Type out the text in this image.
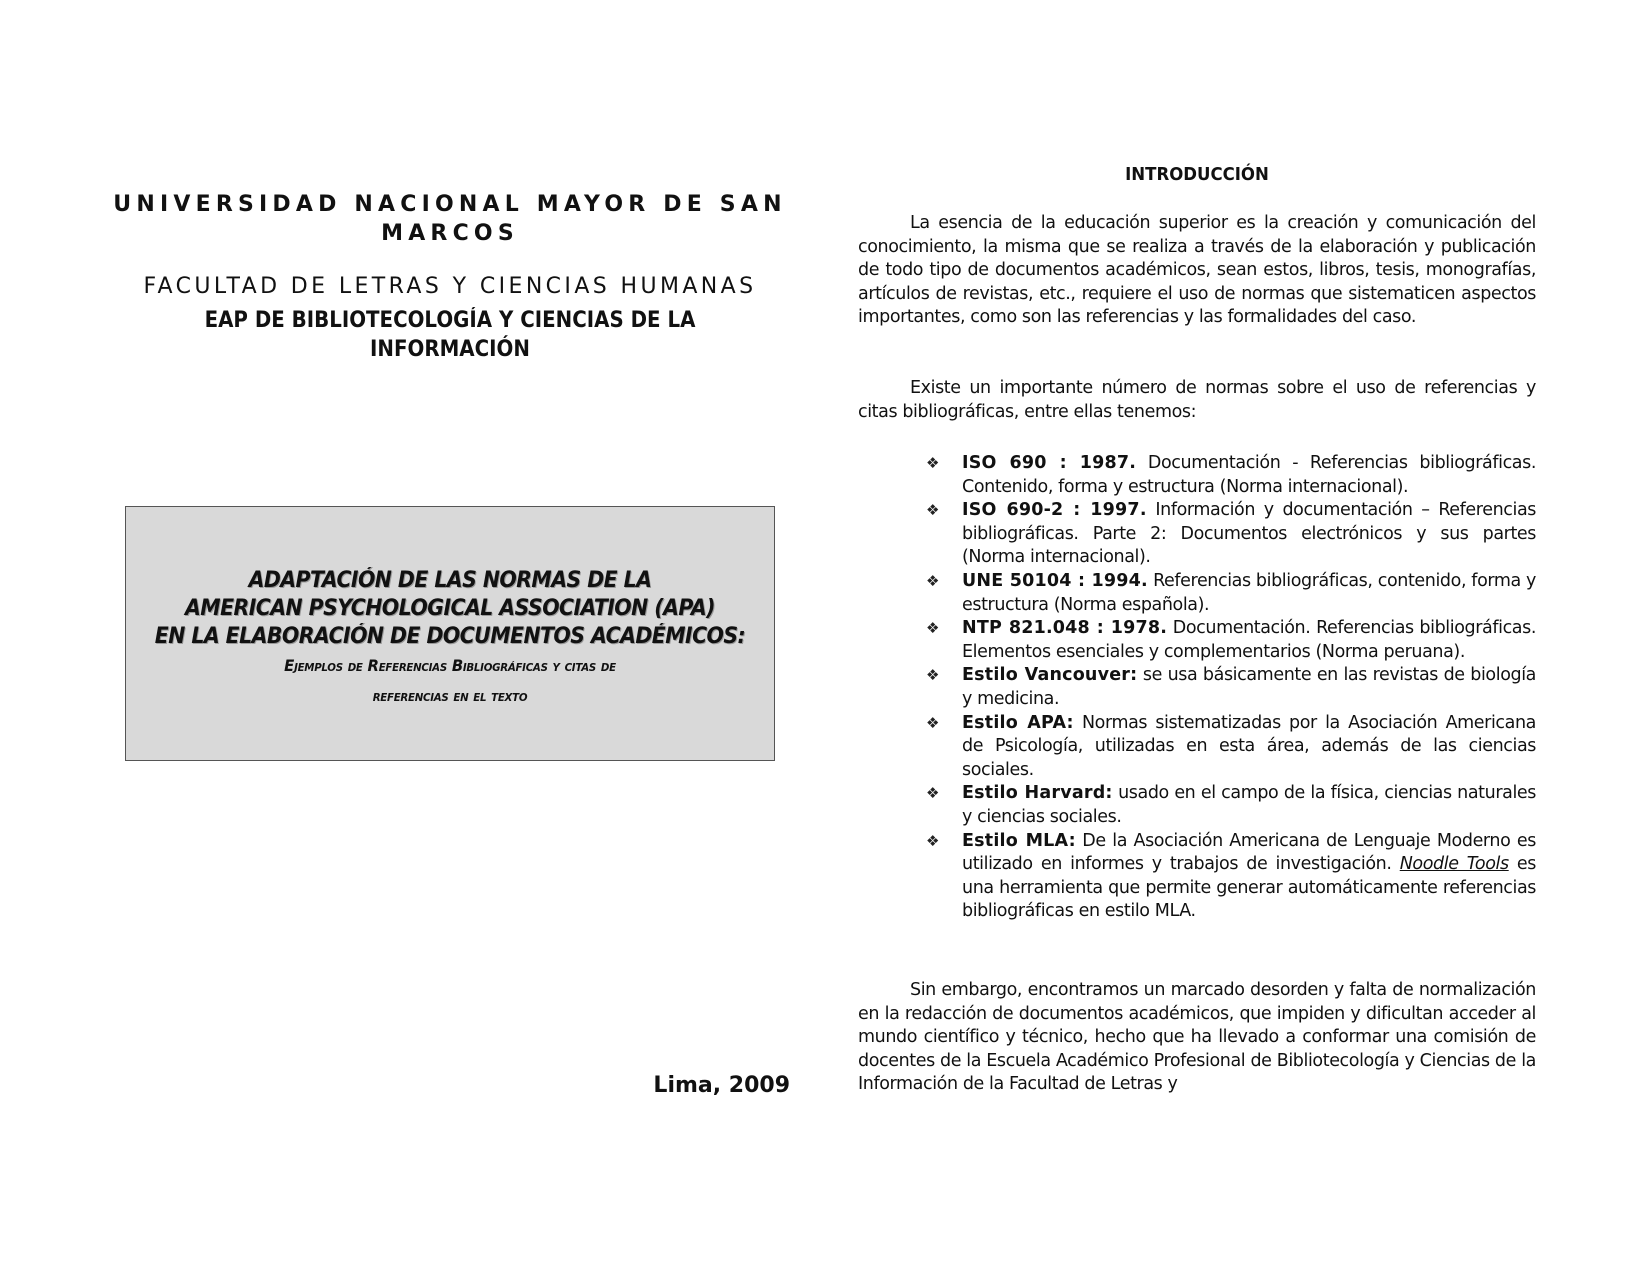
UNIVERSIDAD NACIONAL MAYOR DE SAN
MARCOS
FACULTAD DE LETRAS Y CIENCIAS HUMANAS
EAP DE BIBLIOTECOLOGÍA Y CIENCIAS DE LA
INFORMACIÓN
ADAPTACIÓN DE LAS NORMAS DE LA
AMERICAN PSYCHOLOGICAL ASSOCIATION (APA)
EN LA ELABORACIÓN DE DOCUMENTOS ACADÉMICOS:
Ejemplos de Referencias Bibliográficas y citas de
referencias en el texto
Lima, 2009
INTRODUCCIÓN

La esencia de la educación superior es la creación y comunicación del conocimiento, la misma que se realiza a través de la elaboración y publicación de todo tipo de documentos académicos, sean estos, libros, tesis, monografías, artículos de revistas, etc., requiere el uso de normas que sistematicen aspectos importantes, como son las referencias y las formalidades del caso.

Existe un importante número de normas sobre el uso de referencias y citas bibliográficas, entre ellas tenemos:

❖ ISO 690 : 1987. Documentación - Referencias bibliográficas. Contenido, forma y estructura (Norma internacional).
❖ ISO 690-2 : 1997. Información y documentación – Referencias bibliográficas. Parte 2: Documentos electrónicos y sus partes (Norma internacional).
❖ UNE 50104 : 1994. Referencias bibliográficas, contenido, forma y estructura (Norma española).
❖ NTP 821.048 : 1978. Documentación. Referencias bibliográficas. Elementos esenciales y complementarios (Norma peruana).
❖ Estilo Vancouver: se usa básicamente en las revistas de biología y medicina.
❖ Estilo APA: Normas sistematizadas por la Asociación Americana de Psicología, utilizadas en esta área, además de las ciencias sociales.
❖ Estilo Harvard: usado en el campo de la física, ciencias naturales y ciencias sociales.
❖ Estilo MLA: De la Asociación Americana de Lenguaje Moderno es utilizado en informes y trabajos de investigación. Noodle Tools es una herramienta que permite generar automáticamente referencias bibliográficas en estilo MLA.

Sin embargo, encontramos un marcado desorden y falta de normalización en la redacción de documentos académicos, que impiden y dificultan acceder al mundo científico y técnico, hecho que ha llevado a conformar una comisión de docentes de la Escuela Académico Profesional de Bibliotecología y Ciencias de la Información de la Facultad de Letras y
